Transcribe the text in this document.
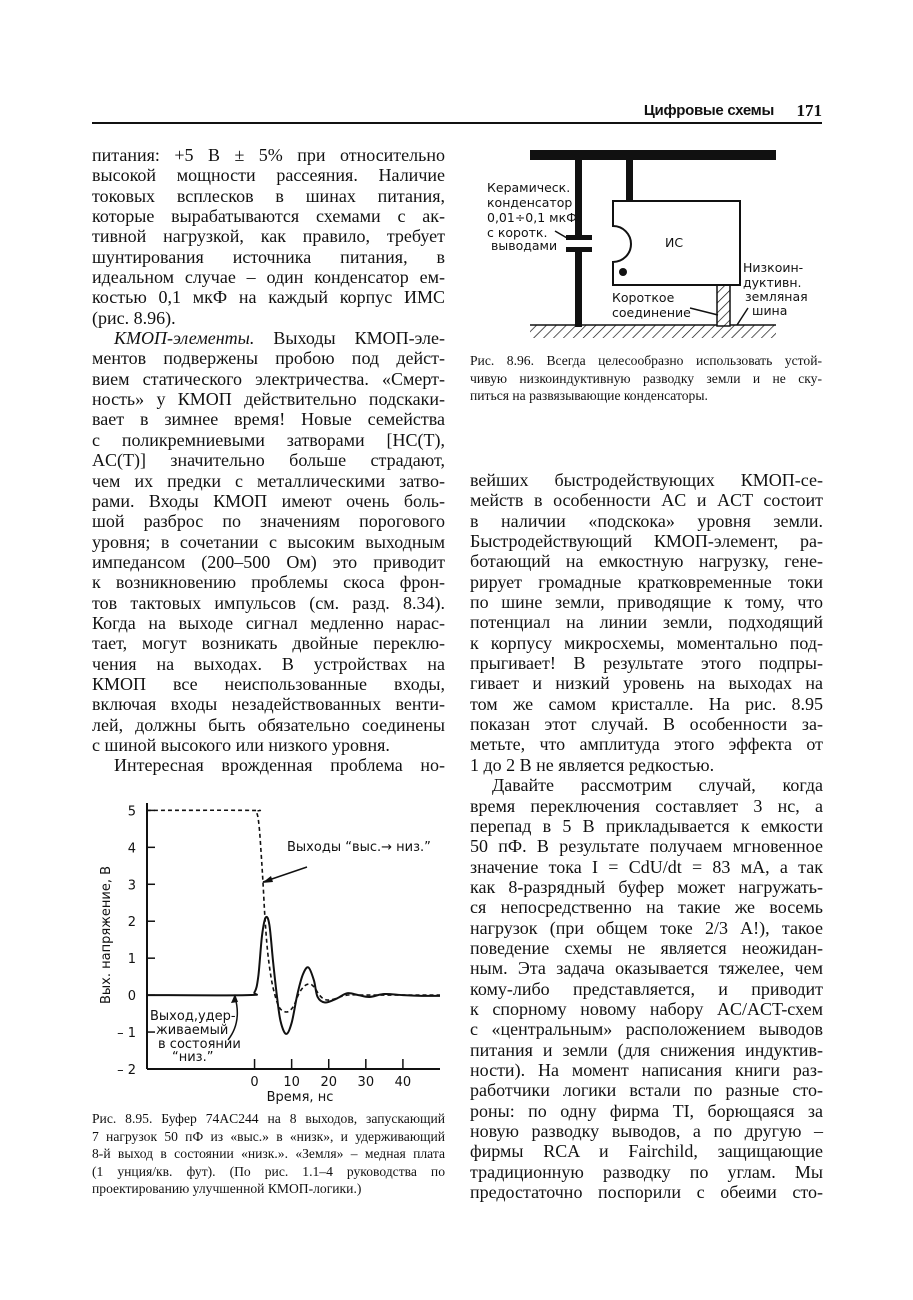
Цифровые схемы 171
питания: +5 В ± 5% при относительно
высокой мощности рассеяния. Наличие
токовых всплесков в шинах питания,
которые вырабатываются схемами с ак-
тивной нагрузкой, как правило, требует
шунтирования источника питания, в
идеальном случае – один конденсатор ем-
костью 0,1 мкФ на каждый корпус ИМС
(рис. 8.96).
КМОП-элементы. Выходы КМОП-эле-
ментов подвержены пробою под дейст-
вием статического электричества. «Смерт-
ность» у КМОП действительно подскаки-
вает в зимнее время! Новые семейства
с поликремниевыми затворами [HC(T),
AC(T)] значительно больше страдают,
чем их предки с металлическими затво-
рами. Входы КМОП имеют очень боль-
шой разброс по значениям порогового
уровня; в сочетании с высоким выходным
импедансом (200–500 Ом) это приводит
к возникновению проблемы скоса фрон-
тов тактовых импульсов (см. разд. 8.34).
Когда на выходе сигнал медленно нарас-
тает, могут возникать двойные переклю-
чения на выходах. В устройствах на
КМОП все неиспользованные входы,
включая входы незадействованных венти-
лей, должны быть обязательно соединены
с шиной высокого или низкого уровня.
Интересная врожденная проблема но-
вейших быстродействующих КМОП-се-
мейств в особенности AC и ACT состоит
в наличии «подскока» уровня земли.
Быстродействующий КМОП-элемент, ра-
ботающий на емкостную нагрузку, гене-
рирует громадные кратковременные токи
по шине земли, приводящие к тому, что
потенциал на линии земли, подходящий
к корпусу микросхемы, моментально под-
прыгивает! В результате этого подпры-
гивает и низкий уровень на выходах на
том же самом кристалле. На рис. 8.95
показан этот случай. В особенности за-
метьте, что амплитуда этого эффекта от
1 до 2 В не является редкостью.
Давайте рассмотрим случай, когда
время переключения составляет 3 нс, а
перепад в 5 В прикладывается к емкости
50 пФ. В результате получаем мгновенное
значение тока I = CdU/dt = 83 мА, а так
как 8-разрядный буфер может нагружать-
ся непосредственно на такие же восемь
нагрузок (при общем токе 2/3 А!), такое
поведение схемы не является неожидан-
ным. Эта задача оказывается тяжелее, чем
кому-либо представляется, и приводит
к спорному новому набору AC/ACT-схем
с «центральным» расположением выводов
питания и земли (для снижения индуктив-
ности). На момент написания книги раз-
работчики логики встали по разные сто-
роны: по одну фирма TI, борющаяся за
новую разводку выводов, а по другую –
фирмы RCA и Fairchild, защищающие
традиционную разводку по углам. Мы
предостаточно поспорили с обеими сто-
ИС
Керамическ.
конденсатор
0,01÷0,1 мкФ
с коротк.
выводами
Короткое
соединение
Низкоин-
дуктивн.
земляная
шина
Рис. 8.96. Всегда целесообразно использовать устой-
чивую низкоиндуктивную разводку земли и не ску-
питься на развязывающие конденсаторы.
5
4
3
2
1
0
– 1
– 2
0 10 20 30 40
Вых. напряжение, В
Время, нс
Выходы “выс.→ низ.”
Выход,удер-
живаемый
в состоянии
“низ.”
Рис. 8.95. Буфер 74AC244 на 8 выходов, запускающий
7 нагрузок 50 пФ из «выс.» в «низк», и удерживающий
8-й выход в состоянии «низк.». «Земля» – медная плата
(1 унция/кв. фут). (По рис. 1.1–4 руководства по
проектированию улучшенной КМОП-логики.)
